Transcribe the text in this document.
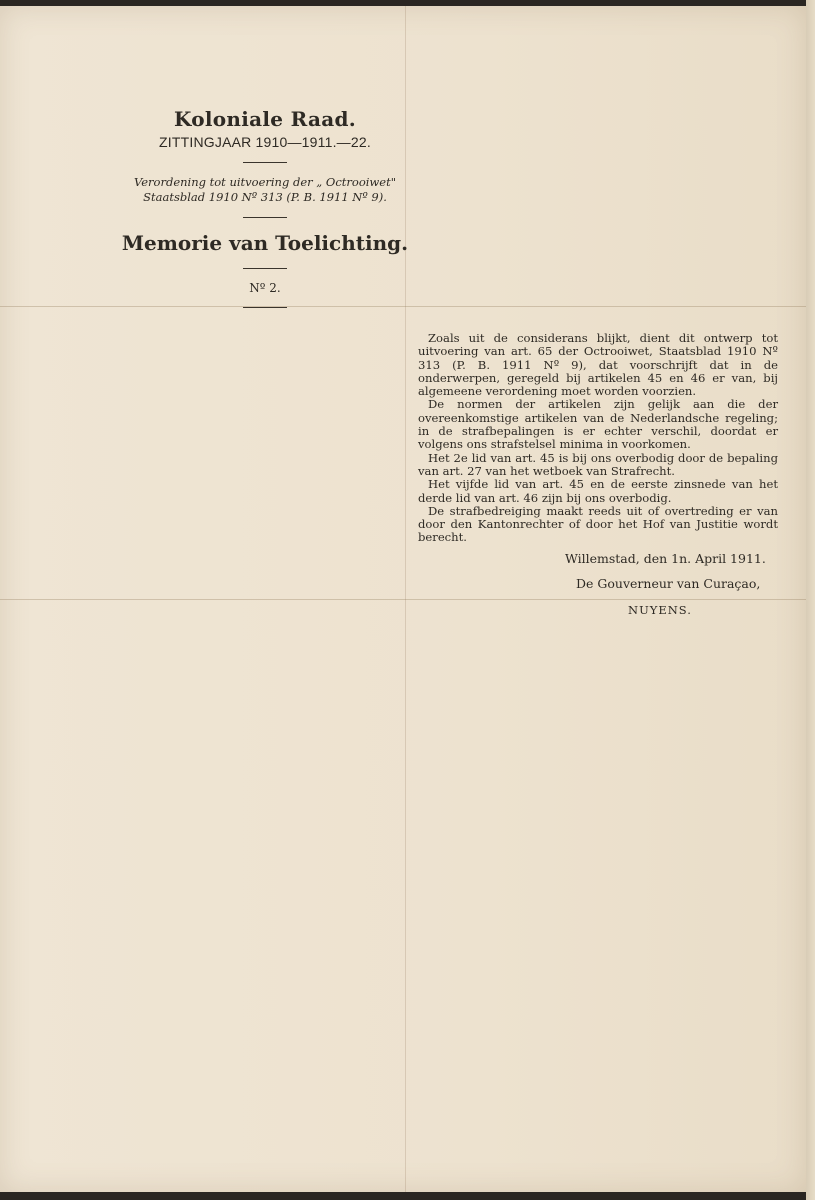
Koloniale Raad.
ZITTINGJAAR 1910—1911.—22.
Verordening tot uitvoering der „ Octrooiwet"
Staatsblad 1910 Nº 313 (P. B. 1911 Nº 9).
Memorie van Toelichting.
Nº 2.

Zoals uit de considerans blijkt, dient dit ontwerp tot uitvoering van art. 65 der Octrooiwet, Staatsblad 1910 Nº 313 (P. B. 1911 Nº 9), dat voorschrijft dat in de onderwerpen, geregeld bij artikelen 45 en 46 er van, bij algemeene verordening moet worden voorzien.

De normen der artikelen zijn gelijk aan die der overeenkomstige artikelen van de Nederlandsche regeling; in de strafbepalingen is er echter verschil, doordat er volgens ons strafstelsel minima in voorkomen.

Het 2e lid van art. 45 is bij ons overbodig door de bepaling van art. 27 van het wetboek van Strafrecht.

Het vijfde lid van art. 45 en de eerste zinsnede van het derde lid van art. 46 zijn bij ons overbodig.

De strafbedreiging maakt reeds uit of overtreding er van door den Kantonrechter of door het Hof van Justitie wordt berecht.

Willemstad, den 1n. April 1911.
De Gouverneur van Curaçao,
NUYENS.
